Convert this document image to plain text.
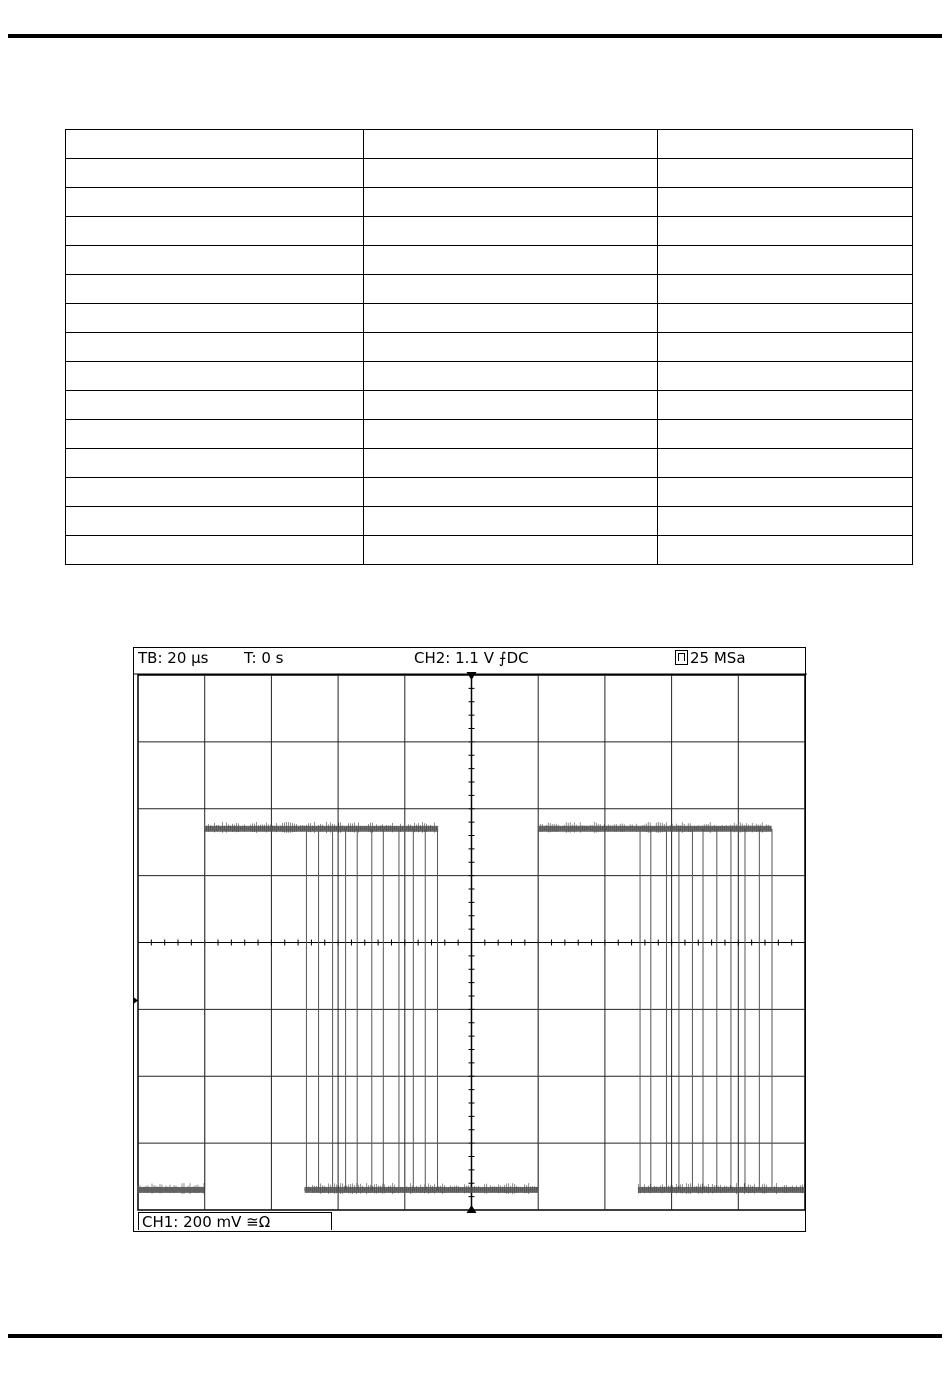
TB: 20 µs T: 0 s	CH2: 1.1 V ⨍DC	25 MSa
CH1: 200 mV ≅Ω
